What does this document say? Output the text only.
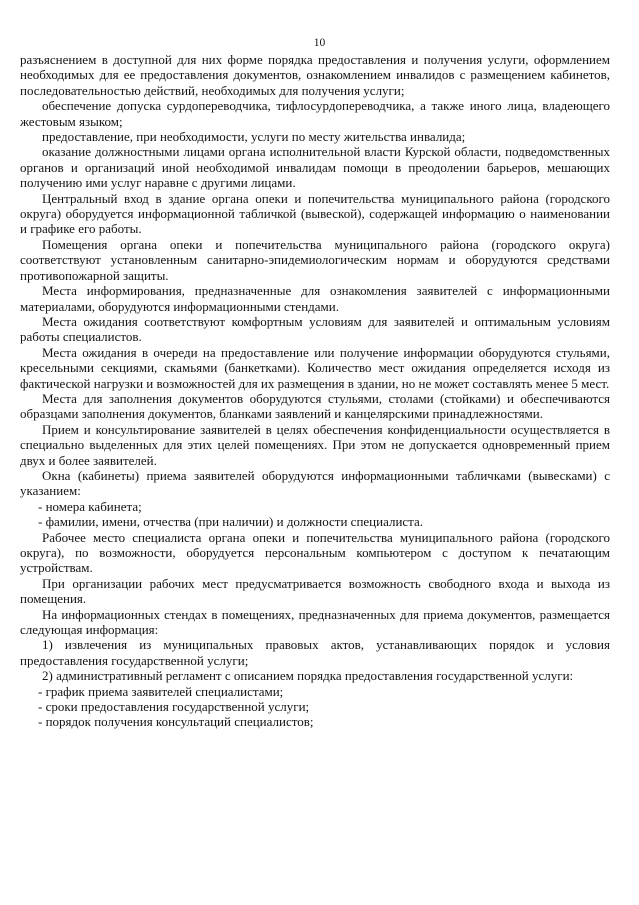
10

разъяснением в доступной для них форме порядка предоставления и получения услуги, оформлением необходимых для ее предоставления документов, ознакомлением инвалидов с размещением кабинетов, последовательностью действий, необходимых для получения услуги;

обеспечение допуска сурдопереводчика, тифлосурдопереводчика, а также иного лица, владеющего жестовым языком;

предоставление, при необходимости, услуги по месту жительства инвалида;

оказание должностными лицами органа исполнительной власти Курской области, подведомственных органов и организаций иной необходимой инвалидам помощи в преодолении барьеров, мешающих получению ими услуг наравне с другими лицами.

Центральный вход в здание органа опеки и попечительства муниципального района (городского округа) оборудуется информационной табличкой (вывеской), содержащей информацию о наименовании и графике его работы.

Помещения органа опеки и попечительства муниципального района (городского округа) соответствуют установленным санитарно-эпидемиологическим нормам и оборудуются средствами противопожарной защиты.

Места информирования, предназначенные для ознакомления заявителей с информационными материалами, оборудуются информационными стендами.

Места ожидания соответствуют комфортным условиям для заявителей и оптимальным условиям работы специалистов.

Места ожидания в очереди на предоставление или получение информации оборудуются стульями, кресельными секциями, скамьями (банкетками). Количество мест ожидания определяется исходя из фактической нагрузки и возможностей для их размещения в здании, но не может составлять менее 5 мест.

Места для заполнения документов оборудуются стульями, столами (стойками) и обеспечиваются образцами заполнения документов, бланками заявлений и канцелярскими принадлежностями.

Прием и консультирование заявителей в целях обеспечения конфиденциальности осуществляется в специально выделенных для этих целей помещениях. При этом не допускается одновременный прием двух и более заявителей.

Окна (кабинеты) приема заявителей оборудуются информационными табличками (вывесками) с указанием:

- номера кабинета;

- фамилии, имени, отчества (при наличии) и должности специалиста.

Рабочее место специалиста органа опеки и попечительства муниципального района (городского округа), по возможности, оборудуется персональным компьютером с доступом к печатающим устройствам.

При организации рабочих мест предусматривается возможность свободного входа и выхода из помещения.

На информационных стендах в помещениях, предназначенных для приема документов, размещается следующая информация:

1) извлечения из муниципальных правовых актов, устанавливающих порядок и условия предоставления государственной услуги;

2) административный регламент с описанием порядка предоставления государственной услуги:

- график приема заявителей специалистами;

- сроки предоставления государственной услуги;

- порядок получения консультаций специалистов;
